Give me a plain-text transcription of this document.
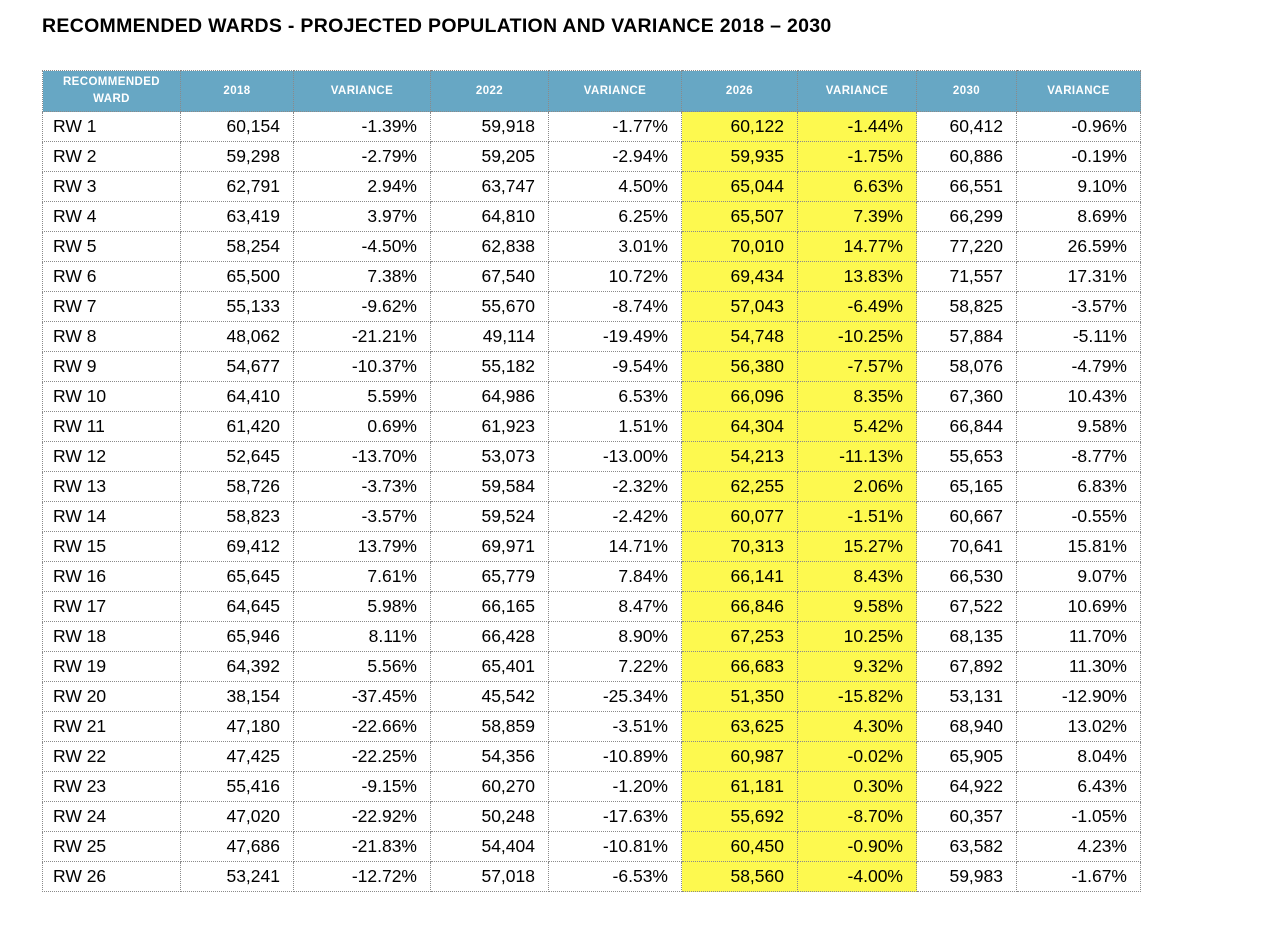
RECOMMENDED WARDS - PROJECTED POPULATION AND VARIANCE 2018 – 2030
RECOMMENDED WARD	2018	VARIANCE	2022	VARIANCE	2026	VARIANCE	2030	VARIANCE
RW 1	60,154	-1.39%	59,918	-1.77%	60,122	-1.44%	60,412	-0.96%
RW 2	59,298	-2.79%	59,205	-2.94%	59,935	-1.75%	60,886	-0.19%
RW 3	62,791	2.94%	63,747	4.50%	65,044	6.63%	66,551	9.10%
RW 4	63,419	3.97%	64,810	6.25%	65,507	7.39%	66,299	8.69%
RW 5	58,254	-4.50%	62,838	3.01%	70,010	14.77%	77,220	26.59%
RW 6	65,500	7.38%	67,540	10.72%	69,434	13.83%	71,557	17.31%
RW 7	55,133	-9.62%	55,670	-8.74%	57,043	-6.49%	58,825	-3.57%
RW 8	48,062	-21.21%	49,114	-19.49%	54,748	-10.25%	57,884	-5.11%
RW 9	54,677	-10.37%	55,182	-9.54%	56,380	-7.57%	58,076	-4.79%
RW 10	64,410	5.59%	64,986	6.53%	66,096	8.35%	67,360	10.43%
RW 11	61,420	0.69%	61,923	1.51%	64,304	5.42%	66,844	9.58%
RW 12	52,645	-13.70%	53,073	-13.00%	54,213	-11.13%	55,653	-8.77%
RW 13	58,726	-3.73%	59,584	-2.32%	62,255	2.06%	65,165	6.83%
RW 14	58,823	-3.57%	59,524	-2.42%	60,077	-1.51%	60,667	-0.55%
RW 15	69,412	13.79%	69,971	14.71%	70,313	15.27%	70,641	15.81%
RW 16	65,645	7.61%	65,779	7.84%	66,141	8.43%	66,530	9.07%
RW 17	64,645	5.98%	66,165	8.47%	66,846	9.58%	67,522	10.69%
RW 18	65,946	8.11%	66,428	8.90%	67,253	10.25%	68,135	11.70%
RW 19	64,392	5.56%	65,401	7.22%	66,683	9.32%	67,892	11.30%
RW 20	38,154	-37.45%	45,542	-25.34%	51,350	-15.82%	53,131	-12.90%
RW 21	47,180	-22.66%	58,859	-3.51%	63,625	4.30%	68,940	13.02%
RW 22	47,425	-22.25%	54,356	-10.89%	60,987	-0.02%	65,905	8.04%
RW 23	55,416	-9.15%	60,270	-1.20%	61,181	0.30%	64,922	6.43%
RW 24	47,020	-22.92%	50,248	-17.63%	55,692	-8.70%	60,357	-1.05%
RW 25	47,686	-21.83%	54,404	-10.81%	60,450	-0.90%	63,582	4.23%
RW 26	53,241	-12.72%	57,018	-6.53%	58,560	-4.00%	59,983	-1.67%
